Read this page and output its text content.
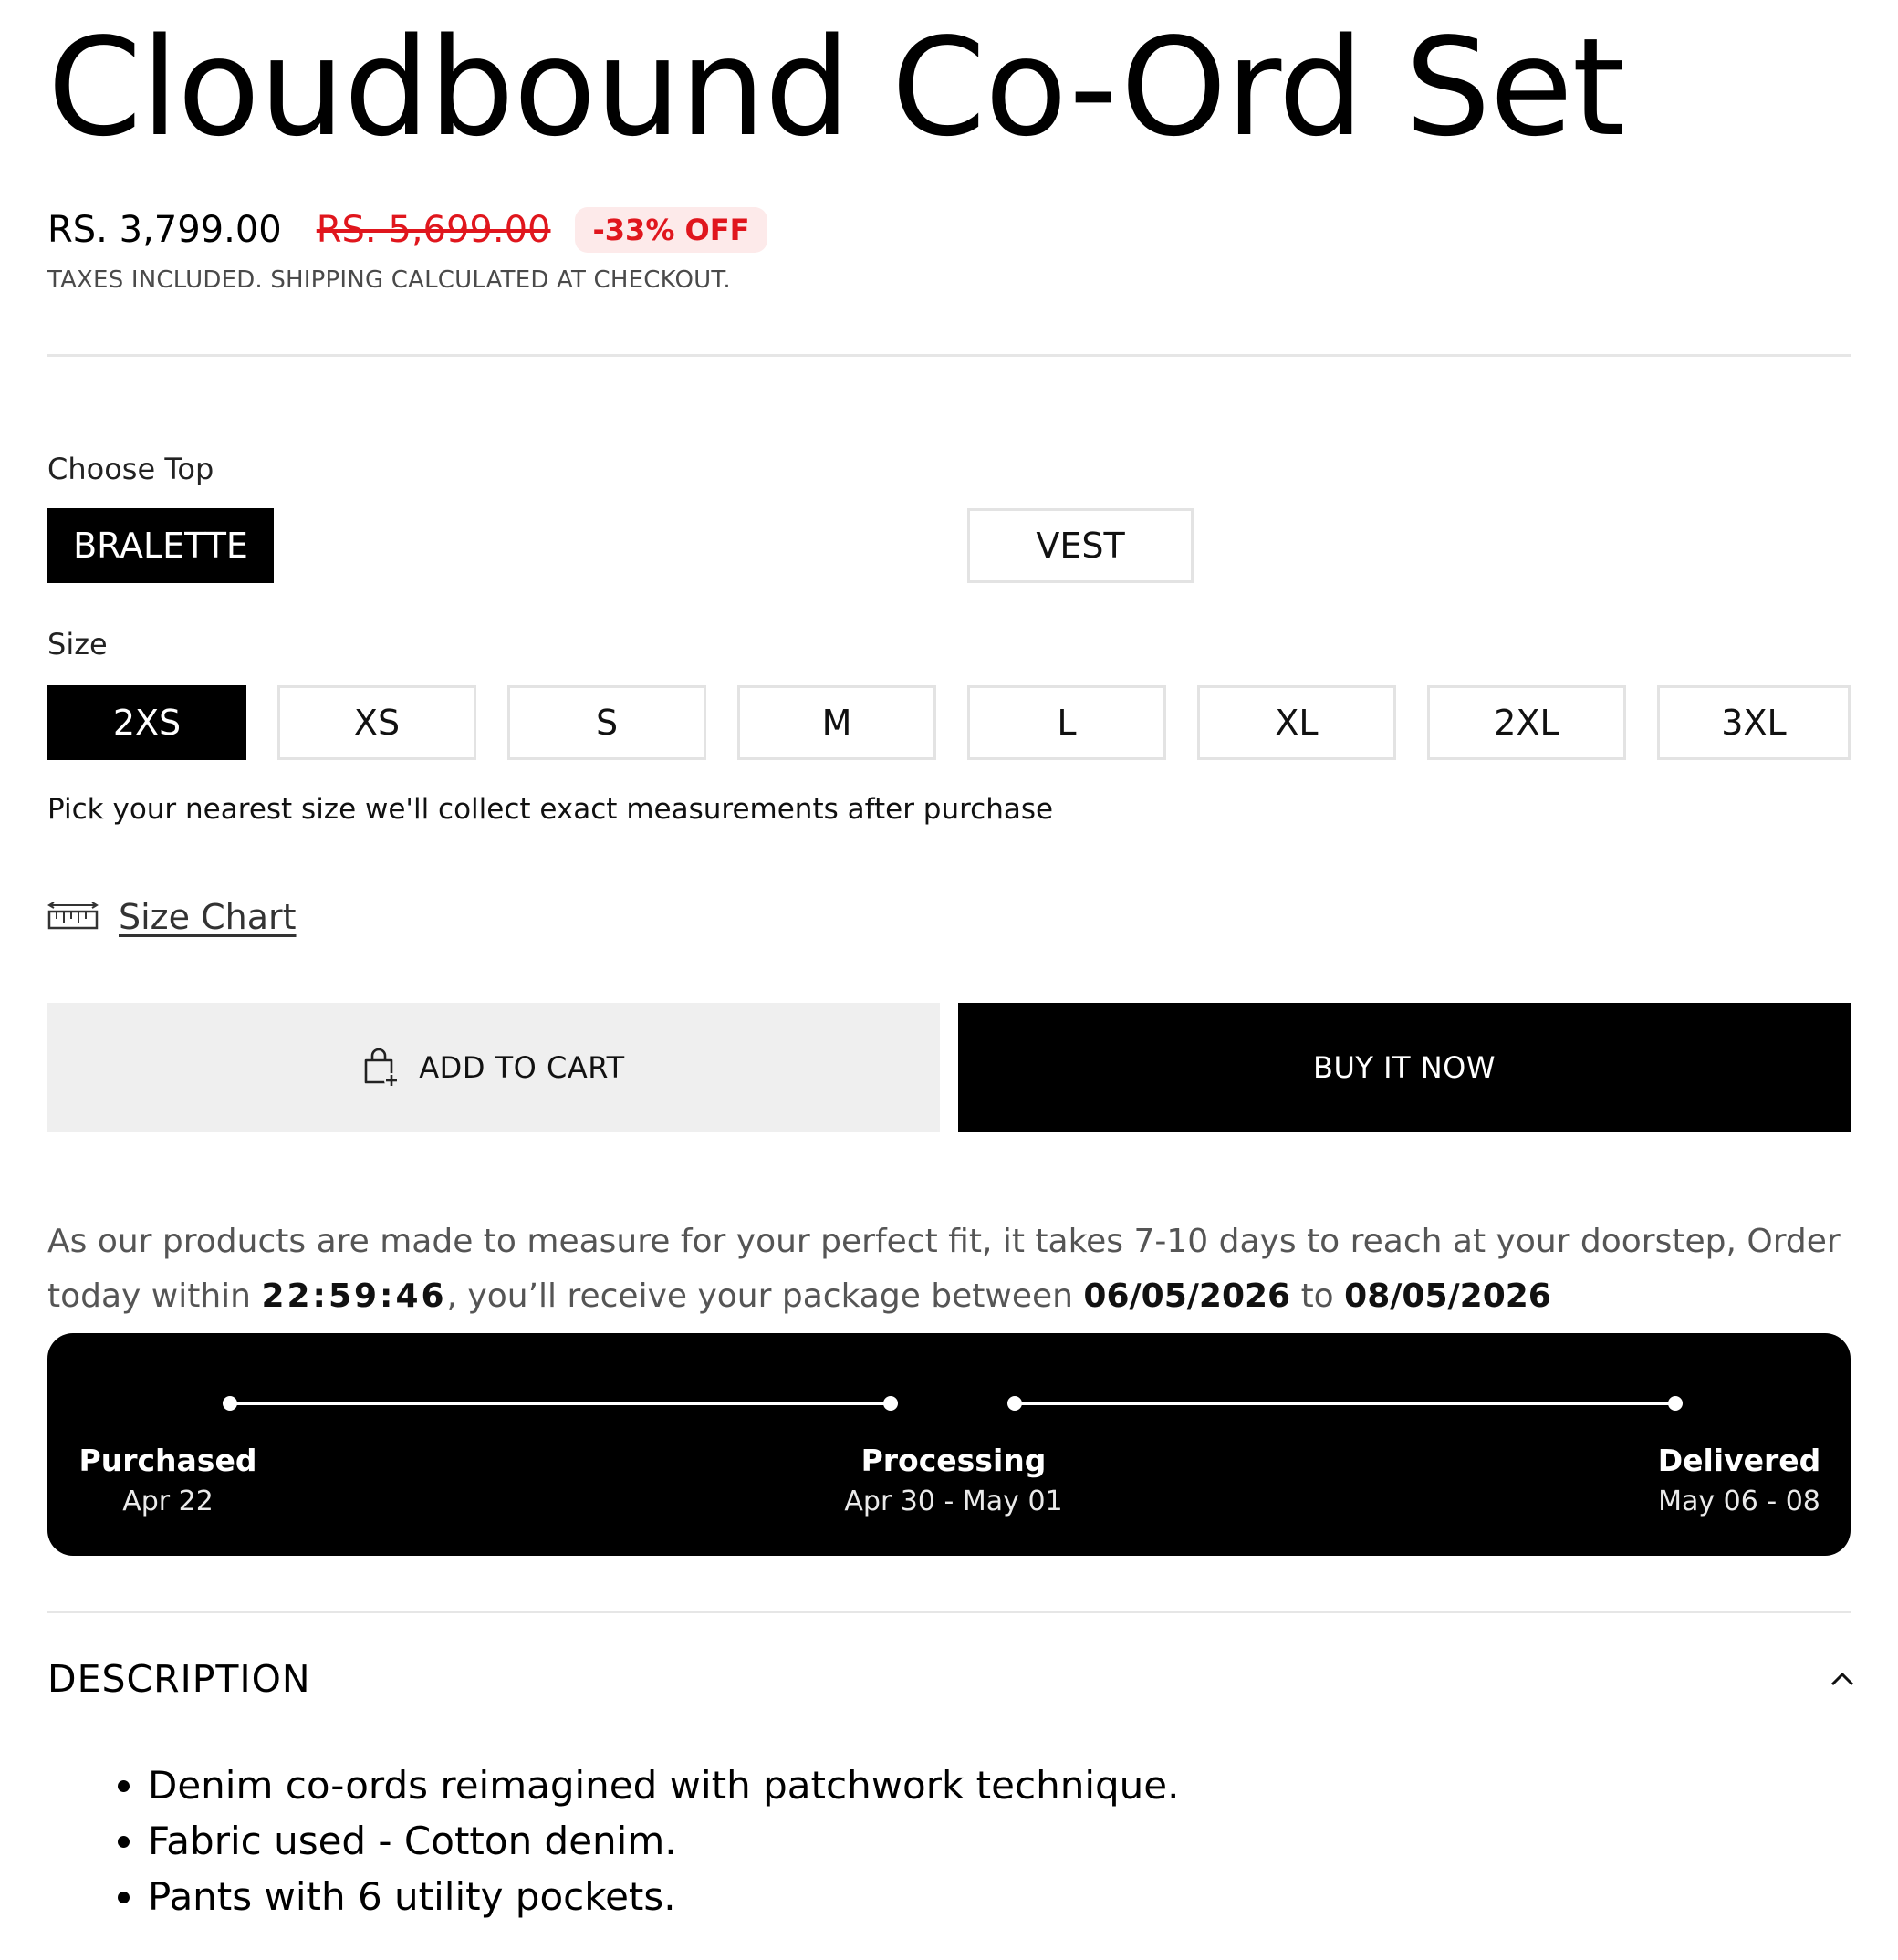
Cloudbound Co-Ord Set
RS. 3,799.00 RS. 5,699.00	-33% OFF
TAXES INCLUDED. SHIPPING CALCULATED AT CHECKOUT.
Choose Top
BRALETTE	VEST
Size
2XS	XS	S	M	L	XL	2XL	3XL
Pick your nearest size we'll collect exact measurements after purchase
Size Chart
ADD TO CART	BUY IT NOW
As our products are made to measure for your perfect fit, it takes 7-10 days to reach at your doorstep, Order today within 22:59:46, you’ll receive your package between 06/05/2026 to 08/05/2026
Purchased
Apr 22
Processing
Apr 30 - May 01
Delivered
May 06 - 08
DESCRIPTION
• Denim co-ords reimagined with patchwork technique.
• Fabric used - Cotton denim.
• Pants with 6 utility pockets.
